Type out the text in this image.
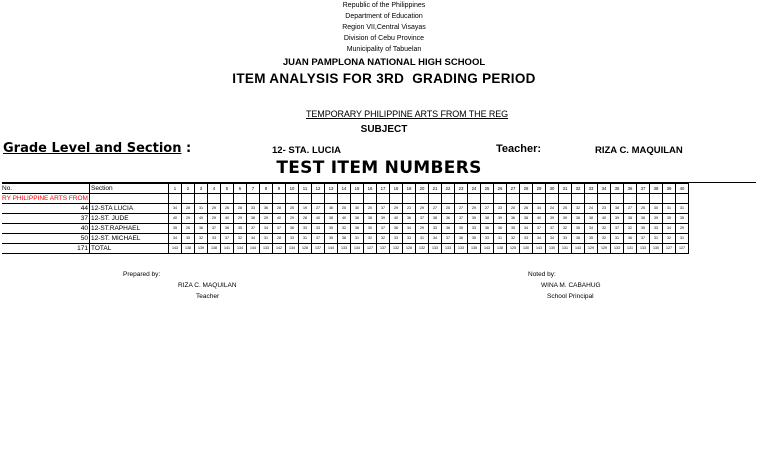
Republic of the Philippines
Department of Education
Region VII,Central Visayas
Division of Cebu Province
Municipality of Tabuelan
JUAN PAMPLONA NATIONAL HIGH SCHOOL
ITEM ANALYSIS FOR 3RD  GRADING PERIOD
TEMPORARY PHILIPPINE ARTS FROM THE REG
SUBJECT
Grade Level and Section :	12- STA. LUCIA	Teacher:	RIZA C. MAQUILAN
TEST ITEM NUMBERS
No.	Section	1	2	3	4	5	6	7	8	9	10	11	12	13	14	15	16	17	18	19	20	21	22	23	24	25	26	27	28	29	30	31	32	33	34	35	36	37	38	39	40
RY PHILIPPINE ARTS FROM																																									
44	12-STA LUCIA	34	28	31	29	26	28	33	36	28	25	19	27	36	25	30	20	37	29	23	29	27	25	27	29	27	33	20	26	34	24	25	32	24	23	38	27	25	30	31	31
37	12-ST. JUDE	40	29	40	29	40	29	38	29	40	29	28	40	38	40	36	38	39	40	36	37	38	36	37	39	38	39	36	38	40	39	39	36	38	40	39	38	36	39	35	35
40	12-ST.RAPHAEL	35	26	36	37	36	35	37	34	37	36	33	33	35	32	36	30	37	36	34	29	33	36	35	33	36	36	35	34	37	37	32	35	34	32	37	32	35	33	34	29
50	12-ST. MICHAEL	34	35	32	33	37	32	34	31	28	33	31	37	35	38	31	32	32	33	33	31	34	37	36	35	33	31	32	33	34	34	33	38	35	32	31	36	37	31	32	31
171	TOTAL	143	138	139	138	141	134	144	133	142	134	128	137	144	133	134	127	137	132	128	132	133	133	133	135	143	138	125	130	143	130	131	143	129	129	133	131	133	130	127	127
Prepared by:
RIZA C. MAQUILAN
Teacher
Noted by:
WINA M. CABAHUG
School Principal
